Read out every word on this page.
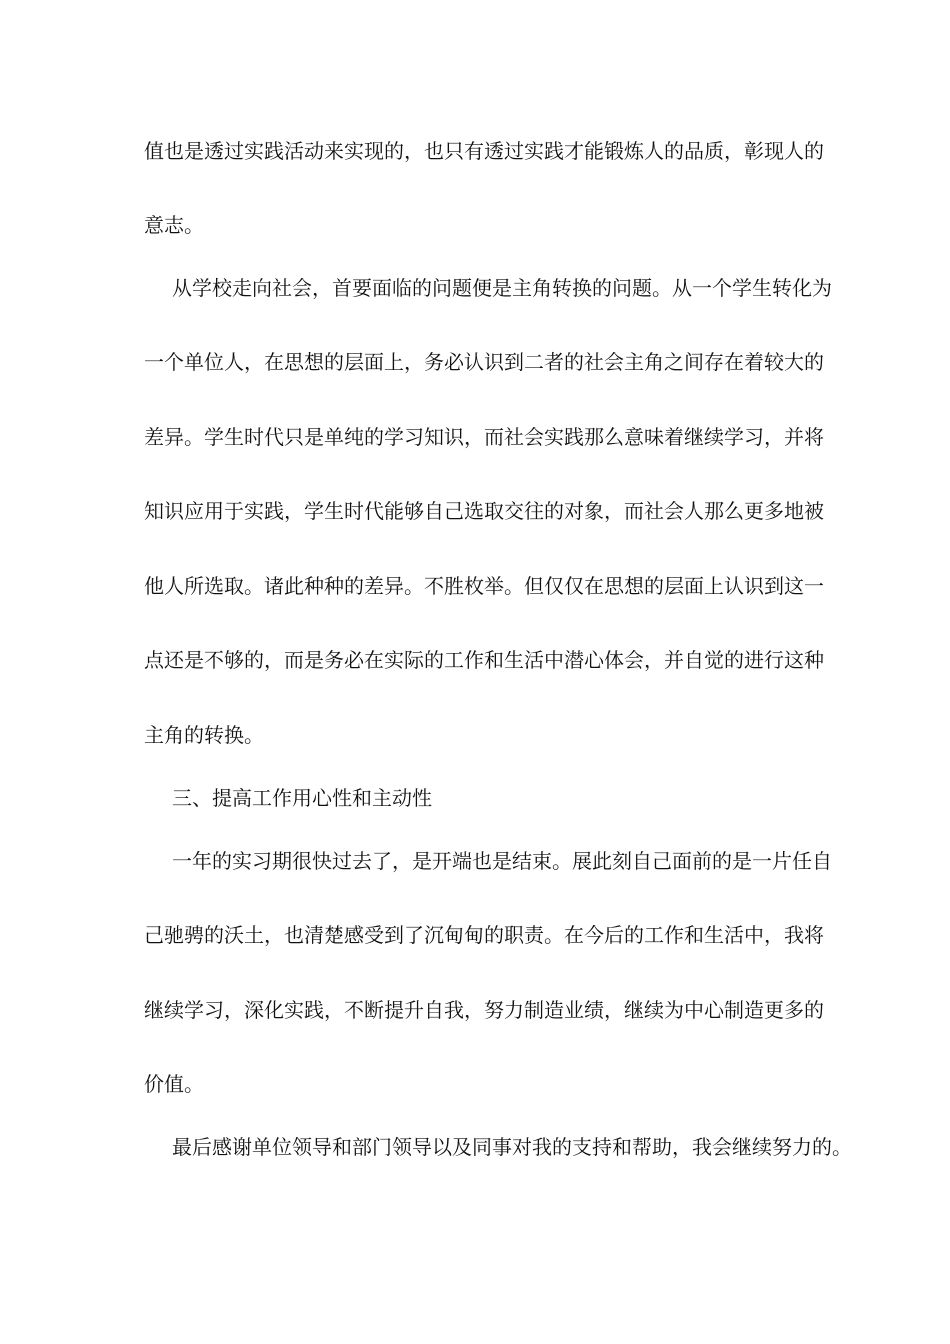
值也是透过实践活动来实现的，也只有透过实践才能锻炼人的品质，彰现人的
意志。
从学校走向社会，首要面临的问题便是主角转换的问题。从一个学生转化为
一个单位人，在思想的层面上，务必认识到二者的社会主角之间存在着较大的
差异。学生时代只是单纯的学习知识，而社会实践那么意味着继续学习，并将
知识应用于实践，学生时代能够自己选取交往的对象，而社会人那么更多地被
他人所选取。诸此种种的差异。不胜枚举。但仅仅在思想的层面上认识到这一
点还是不够的，而是务必在实际的工作和生活中潜心体会，并自觉的进行这种
主角的转换。
三、提高工作用心性和主动性
一年的实习期很快过去了，是开端也是结束。展此刻自己面前的是一片任自
己驰骋的沃土，也清楚感受到了沉甸甸的职责。在今后的工作和生活中，我将
继续学习，深化实践，不断提升自我，努力制造业绩，继续为中心制造更多的
价值。
最后感谢单位领导和部门领导以及同事对我的支持和帮助，我会继续努力的。
